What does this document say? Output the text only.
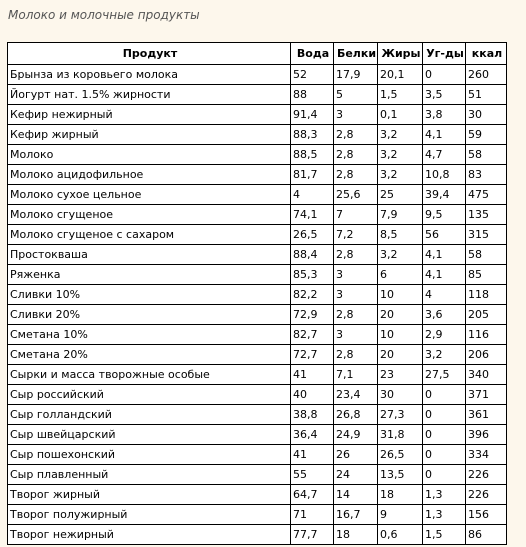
Молоко и молочные продукты
Продукт	Вода	Белки	Жиры	Уг-ды	ккал
Брынза из коровьего молока	52	17,9	20,1	0	260
Йогурт нат. 1.5% жирности	88	5	1,5	3,5	51
Кефир нежирный	91,4	3	0,1	3,8	30
Кефир жирный	88,3	2,8	3,2	4,1	59
Молоко	88,5	2,8	3,2	4,7	58
Молоко ацидофильное	81,7	2,8	3,2	10,8	83
Молоко сухое цельное	4	25,6	25	39,4	475
Молоко сгущеное	74,1	7	7,9	9,5	135
Молоко сгущеное с сахаром	26,5	7,2	8,5	56	315
Простокваша	88,4	2,8	3,2	4,1	58
Ряженка	85,3	3	6	4,1	85
Сливки 10%	82,2	3	10	4	118
Сливки 20%	72,9	2,8	20	3,6	205
Сметана 10%	82,7	3	10	2,9	116
Сметана 20%	72,7	2,8	20	3,2	206
Сырки и масса творожные особые	41	7,1	23	27,5	340
Сыр российский	40	23,4	30	0	371
Сыр голландский	38,8	26,8	27,3	0	361
Сыр швейцарский	36,4	24,9	31,8	0	396
Сыр пошехонский	41	26	26,5	0	334
Сыр плавленный	55	24	13,5	0	226
Творог жирный	64,7	14	18	1,3	226
Творог полужирный	71	16,7	9	1,3	156
Творог нежирный	77,7	18	0,6	1,5	86
